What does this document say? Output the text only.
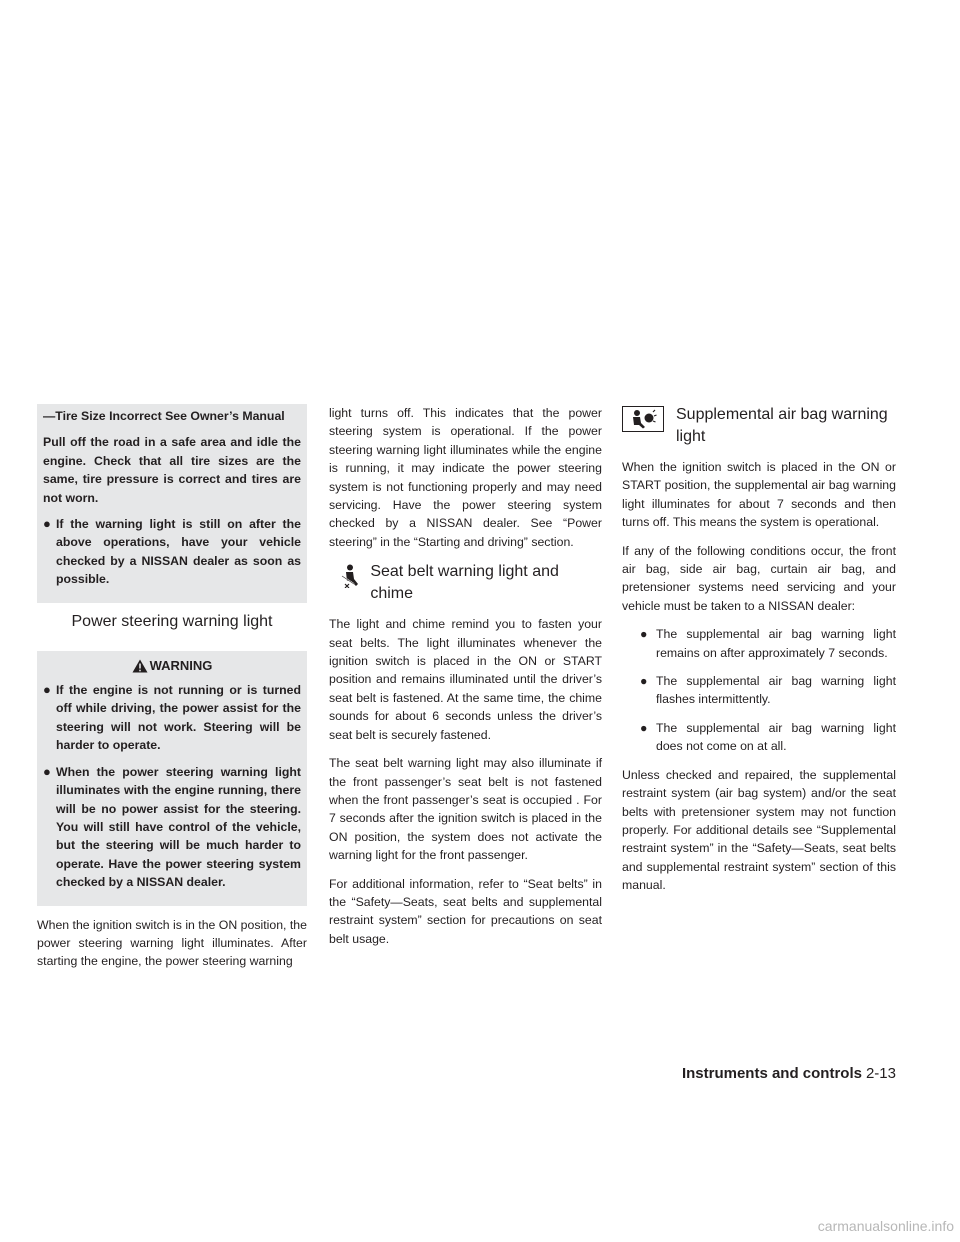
—Tire Size Incorrect See Owner’s Manual

Pull off the road in a safe area and idle the engine. Check that all tire sizes are the same, tire pressure is correct and tires are not worn.

● If the warning light is still on after the above operations, have your vehicle checked by a NISSAN dealer as soon as possible.
Power steering warning light
WARNING
● If the engine is not running or is turned off while driving, the power assist for the steering will not work. Steering will be harder to operate.
● When the power steering warning light illuminates with the engine running, there will be no power assist for the steering. You will still have control of the vehicle, but the steering will be much harder to operate. Have the power steering system checked by a NISSAN dealer.

When the ignition switch is in the ON position, the power steering warning light illuminates. After starting the engine, the power steering warning

light turns off. This indicates that the power steering system is operational. If the power steering warning light illuminates while the engine is running, it may indicate the power steering system is not functioning properly and may need servicing. Have the power steering system checked by a NISSAN dealer. See “Power steering” in the “Starting and driving” section.

Seat belt warning light and chime

The light and chime remind you to fasten your seat belts. The light illuminates whenever the ignition switch is placed in the ON or START position and remains illuminated until the driver’s seat belt is fastened. At the same time, the chime sounds for about 6 seconds unless the driver’s seat belt is securely fastened.

The seat belt warning light may also illuminate if the front passenger’s seat belt is not fastened when the front passenger’s seat is occupied . For 7 seconds after the ignition switch is placed in the ON position, the system does not activate the warning light for the front passenger.

For additional information, refer to “Seat belts” in the “Safety—Seats, seat belts and supplemental restraint system” section for precautions on seat belt usage.

Supplemental air bag warning light

When the ignition switch is placed in the ON or START position, the supplemental air bag warning light illuminates for about 7 seconds and then turns off. This means the system is operational.

If any of the following conditions occur, the front air bag, side air bag, curtain air bag, and pretensioner systems need servicing and your vehicle must be taken to a NISSAN dealer:

● The supplemental air bag warning light remains on after approximately 7 seconds.
● The supplemental air bag warning light flashes intermittently.
● The supplemental air bag warning light does not come on at all.

Unless checked and repaired, the supplemental restraint system (air bag system) and/or the seat belts with pretensioner system may not function properly. For additional details see “Supplemental restraint system” in the “Safety—Seats, seat belts and supplemental restraint system” section of this manual.

Instruments and controls 2-13
carmanualsonline.info
